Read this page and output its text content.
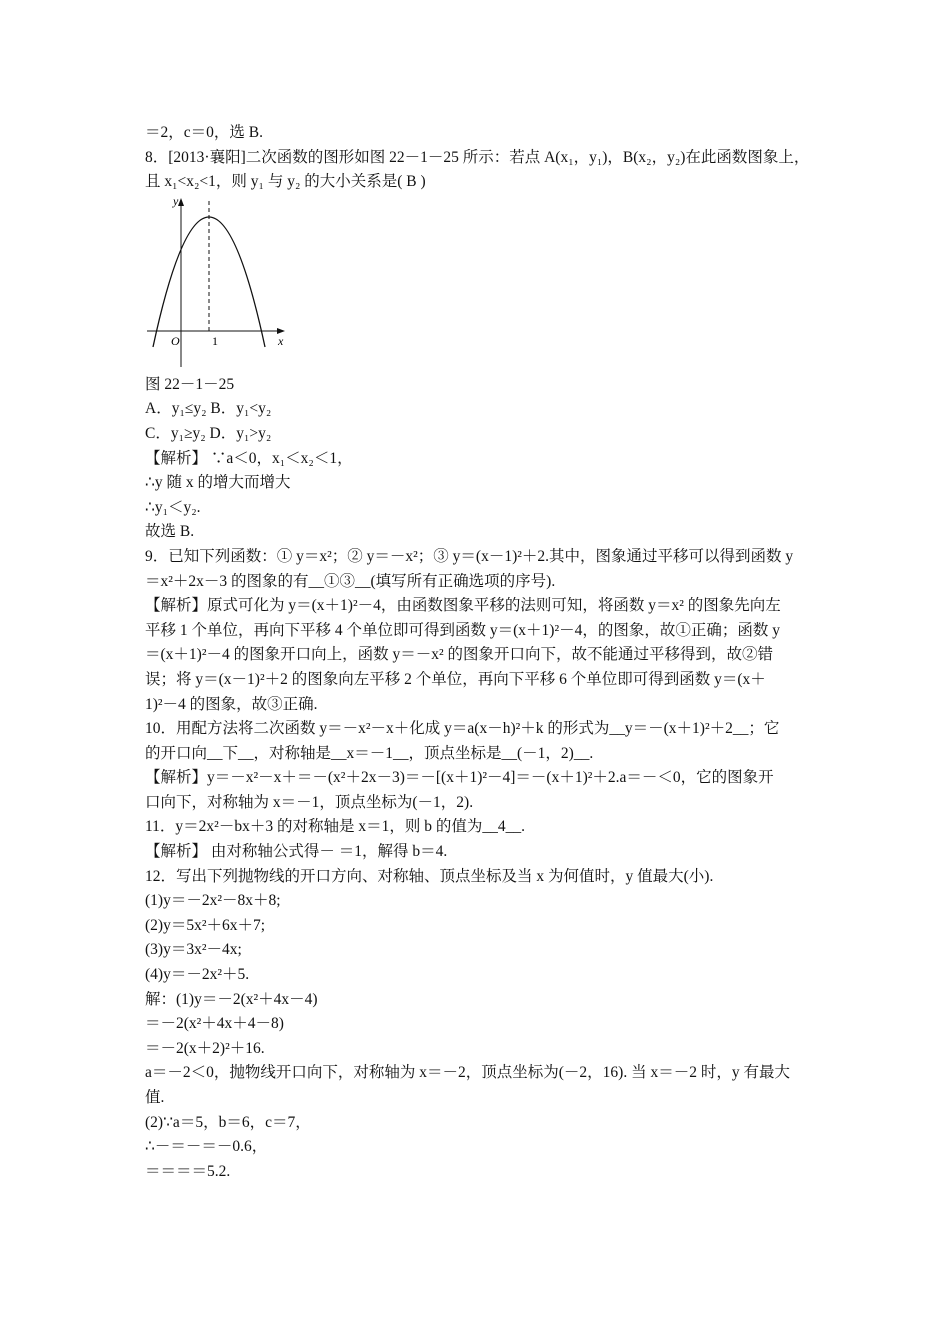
＝2，c＝0，选 B.
8．[2013·襄阳]二次函数的图形如图 22－1－25 所示：若点 A(x₁，y₁)，B(x₂，y₂)在此函数图象上，
且 x₁<x₂<1，则 y₁ 与 y₂ 的大小关系是( B )
y
x
O	1
图 22－1－25
A．y₁≤y₂ B．y₁<y₂
C．y₁≥y₂ D．y₁>y₂
【解析】 ∵a＜0，x₁＜x₂＜1，
∴y 随 x 的增大而增大
∴y₁＜y₂.
故选 B.
9．已知下列函数：① y＝x²；② y＝－x²；③ y＝(x－1)²＋2.其中，图象通过平移可以得到函数 y
＝x²＋2x－3 的图象的有__①③__(填写所有正确选项的序号).
【解析】原式可化为 y＝(x＋1)²－4，由函数图象平移的法则可知，将函数 y＝x² 的图象先向左
平移 1 个单位，再向下平移 4 个单位即可得到函数 y＝(x＋1)²－4，的图象，故①正确；函数 y
＝(x＋1)²－4 的图象开口向上，函数 y＝－x² 的图象开口向下，故不能通过平移得到，故②错
误；将 y＝(x－1)²＋2 的图象向左平移 2 个单位，再向下平移 6 个单位即可得到函数 y＝(x＋
1)²－4 的图象，故③正确.
10．用配方法将二次函数 y＝－x²－x＋化成 y＝a(x－h)²＋k 的形式为__y＝－(x＋1)²＋2__；它
的开口向__下__，对称轴是__x＝－1__，顶点坐标是__(－1，2)__.
【解析】y＝－x²－x＋＝－(x²＋2x－3)＝－[(x＋1)²－4]＝－(x＋1)²＋2.a＝－＜0，它的图象开
口向下，对称轴为 x＝－1，顶点坐标为(－1，2).
11．y＝2x²－bx＋3 的对称轴是 x＝1，则 b 的值为__4__.
【解析】 由对称轴公式得－ ＝1，解得 b＝4.
12．写出下列抛物线的开口方向、对称轴、顶点坐标及当 x 为何值时，y 值最大(小).
(1)y＝－2x²－8x＋8;
(2)y＝5x²＋6x＋7;
(3)y＝3x²－4x;
(4)y＝－2x²＋5.
解：(1)y＝－2(x²＋4x－4)
＝－2(x²＋4x＋4－8)
＝－2(x＋2)²＋16.
a＝－2＜0，抛物线开口向下，对称轴为 x＝－2，顶点坐标为(－2，16). 当 x＝－2 时，y 有最大
值.
(2)∵a＝5，b＝6，c＝7，
∴－＝－＝－0.6，
＝＝＝＝5.2.
